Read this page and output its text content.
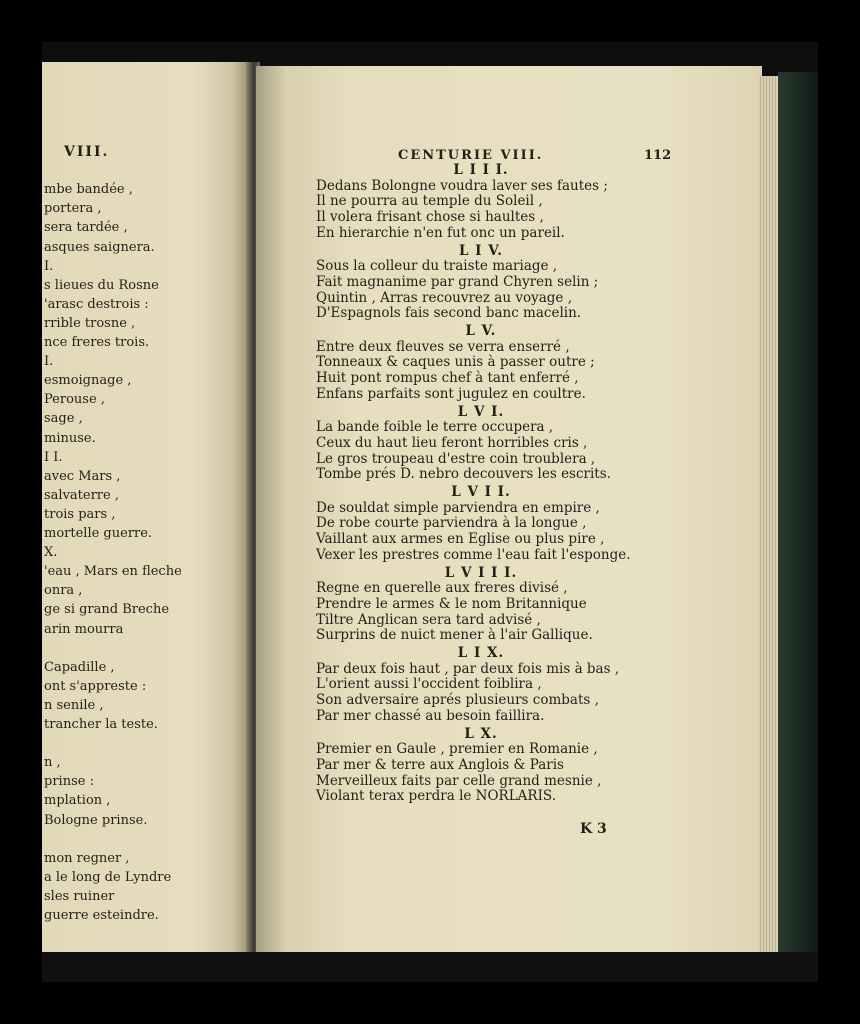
VIII.
mbe bandée ,
portera ,
sera tardée ,
asques saignera.
I.
s lieues du Rosne
'arasc destrois :
rrible trosne ,
nce freres trois.
I.
esmoignage ,
Perouse ,
sage ,
minuse.
I I.
avec Mars ,
salvaterre ,
trois pars ,
mortelle guerre.
X.
'eau , Mars en fleche
onra ,
ge si grand Breche
arin mourra
Capadille ,
ont s'appreste :
n senile ,
trancher la teste.
n ,
prinse :
mplation ,
Bologne prinse.
mon regner ,
a le long de Lyndre
sles ruiner
guerre esteindre.
CENTURIE VIII.	112
K 3
L I I I.
Dedans Bolongne voudra laver ses fautes ;
Il ne pourra au temple du Soleil ,
Il volera frisant chose si haultes ,
En hierarchie n'en fut onc un pareil.
L I V.
Sous la colleur du traiste mariage ,
Fait magnanime par grand Chyren selin ;
Quintin , Arras recouvrez au voyage ,
D'Espagnols fais second banc macelin.
L V.
Entre deux fleuves se verra enserré ,
Tonneaux & caques unis à passer outre ;
Huit pont rompus chef à tant enferré ,
Enfans parfaits sont jugulez en coultre.
L V I.
La bande foible le terre occupera ,
Ceux du haut lieu feront horribles cris ,
Le gros troupeau d'estre coin troublera ,
Tombe prés D. nebro decouvers les escrits.
L V I I.
De souldat simple parviendra en empire ,
De robe courte parviendra à la longue ,
Vaillant aux armes en Eglise ou plus pire ,
Vexer les prestres comme l'eau fait l'esponge.
L V I I I.
Regne en querelle aux freres divisé ,
Prendre le armes & le nom Britannique
Tiltre Anglican sera tard advisé ,
Surprins de nuict mener à l'air Gallique.
L I X.
Par deux fois haut , par deux fois mis à bas ,
L'orient aussi l'occident foiblira ,
Son adversaire aprés plusieurs combats ,
Par mer chassé au besoin faillira.
L X.
Premier en Gaule , premier en Romanie ,
Par mer & terre aux Anglois & Paris
Merveilleux faits par celle grand mesnie ,
Violant terax perdra le NORLARIS.
